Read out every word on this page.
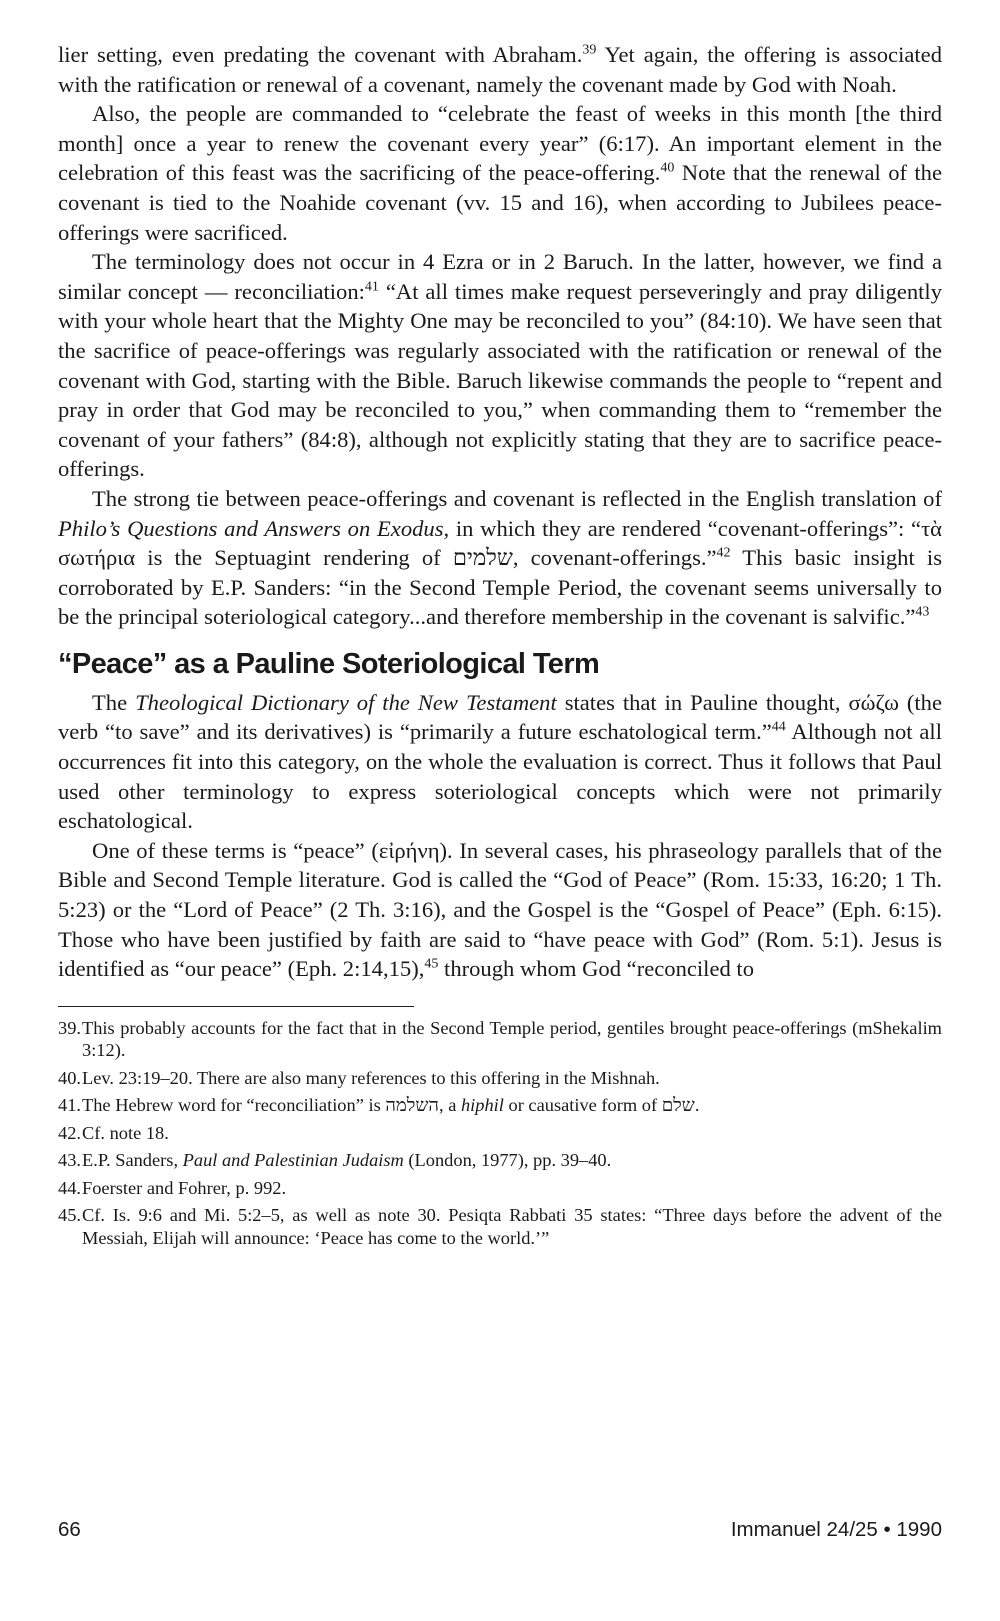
lier setting, even predating the covenant with Abraham.$^{39}$ Yet again, the offering is associated with the ratification or renewal of a covenant, namely the covenant made by God with Noah.

Also, the people are commanded to “celebrate the feast of weeks in this month [the third month] once a year to renew the covenant every year” (6:17). An important element in the celebration of this feast was the sacrificing of the peace-offering.$^{40}$ Note that the renewal of the covenant is tied to the Noahide covenant (vv. 15 and 16), when according to Jubilees peace-offerings were sacrificed.

The terminology does not occur in 4 Ezra or in 2 Baruch. In the latter, however, we find a similar concept — reconciliation:$^{41}$ “At all times make request perseveringly and pray diligently with your whole heart that the Mighty One may be reconciled to you” (84:10). We have seen that the sacrifice of peace-offerings was regularly associated with the ratification or renewal of the covenant with God, starting with the Bible. Baruch likewise commands the people to “repent and pray in order that God may be reconciled to you,” when commanding them to “remember the covenant of your fathers” (84:8), although not explicitly stating that they are to sacrifice peace-offerings.

The strong tie between peace-offerings and covenant is reflected in the English translation of Philo’s Questions and Answers on Exodus, in which they are rendered “covenant-offerings”: “τὰ σωτήρια is the Septuagint rendering of שלמים, covenant-offerings.”$^{42}$ This basic insight is corroborated by E.P. Sanders: “in the Second Temple Period, the covenant seems universally to be the principal soteriological category...and therefore membership in the covenant is salvific.”$^{43}$

“Peace” as a Pauline Soteriological Term

The Theological Dictionary of the New Testament states that in Pauline thought, σώζω (the verb “to save” and its derivatives) is “primarily a future eschatological term.”$^{44}$ Although not all occurrences fit into this category, on the whole the evaluation is correct. Thus it follows that Paul used other terminology to express soteriological concepts which were not primarily eschatological.

One of these terms is “peace” (εἰρήνη). In several cases, his phraseology parallels that of the Bible and Second Temple literature. God is called the “God of Peace” (Rom. 15:33, 16:20; 1 Th. 5:23) or the “Lord of Peace” (2 Th. 3:16), and the Gospel is the “Gospel of Peace” (Eph. 6:15). Those who have been justified by faith are said to “have peace with God” (Rom. 5:1). Jesus is identified as “our peace” (Eph. 2:14,15),$^{45}$ through whom God “reconciled to

39.This probably accounts for the fact that in the Second Temple period, gentiles brought peace-offerings (mShekalim 3:12).

40.Lev. 23:19–20. There are also many references to this offering in the Mishnah.

41.The Hebrew word for “reconciliation” is השלמה, a hiphil or causative form of שלם.

42.Cf. note 18.

43.E.P. Sanders, Paul and Palestinian Judaism (London, 1977), pp. 39–40.

44.Foerster and Fohrer, p. 992.

45.Cf. Is. 9:6 and Mi. 5:2–5, as well as note 30. Pesiqta Rabbati 35 states: “Three days before the advent of the Messiah, Elijah will announce: ‘Peace has come to the world.’”

66	Immanuel 24/25 • 1990
